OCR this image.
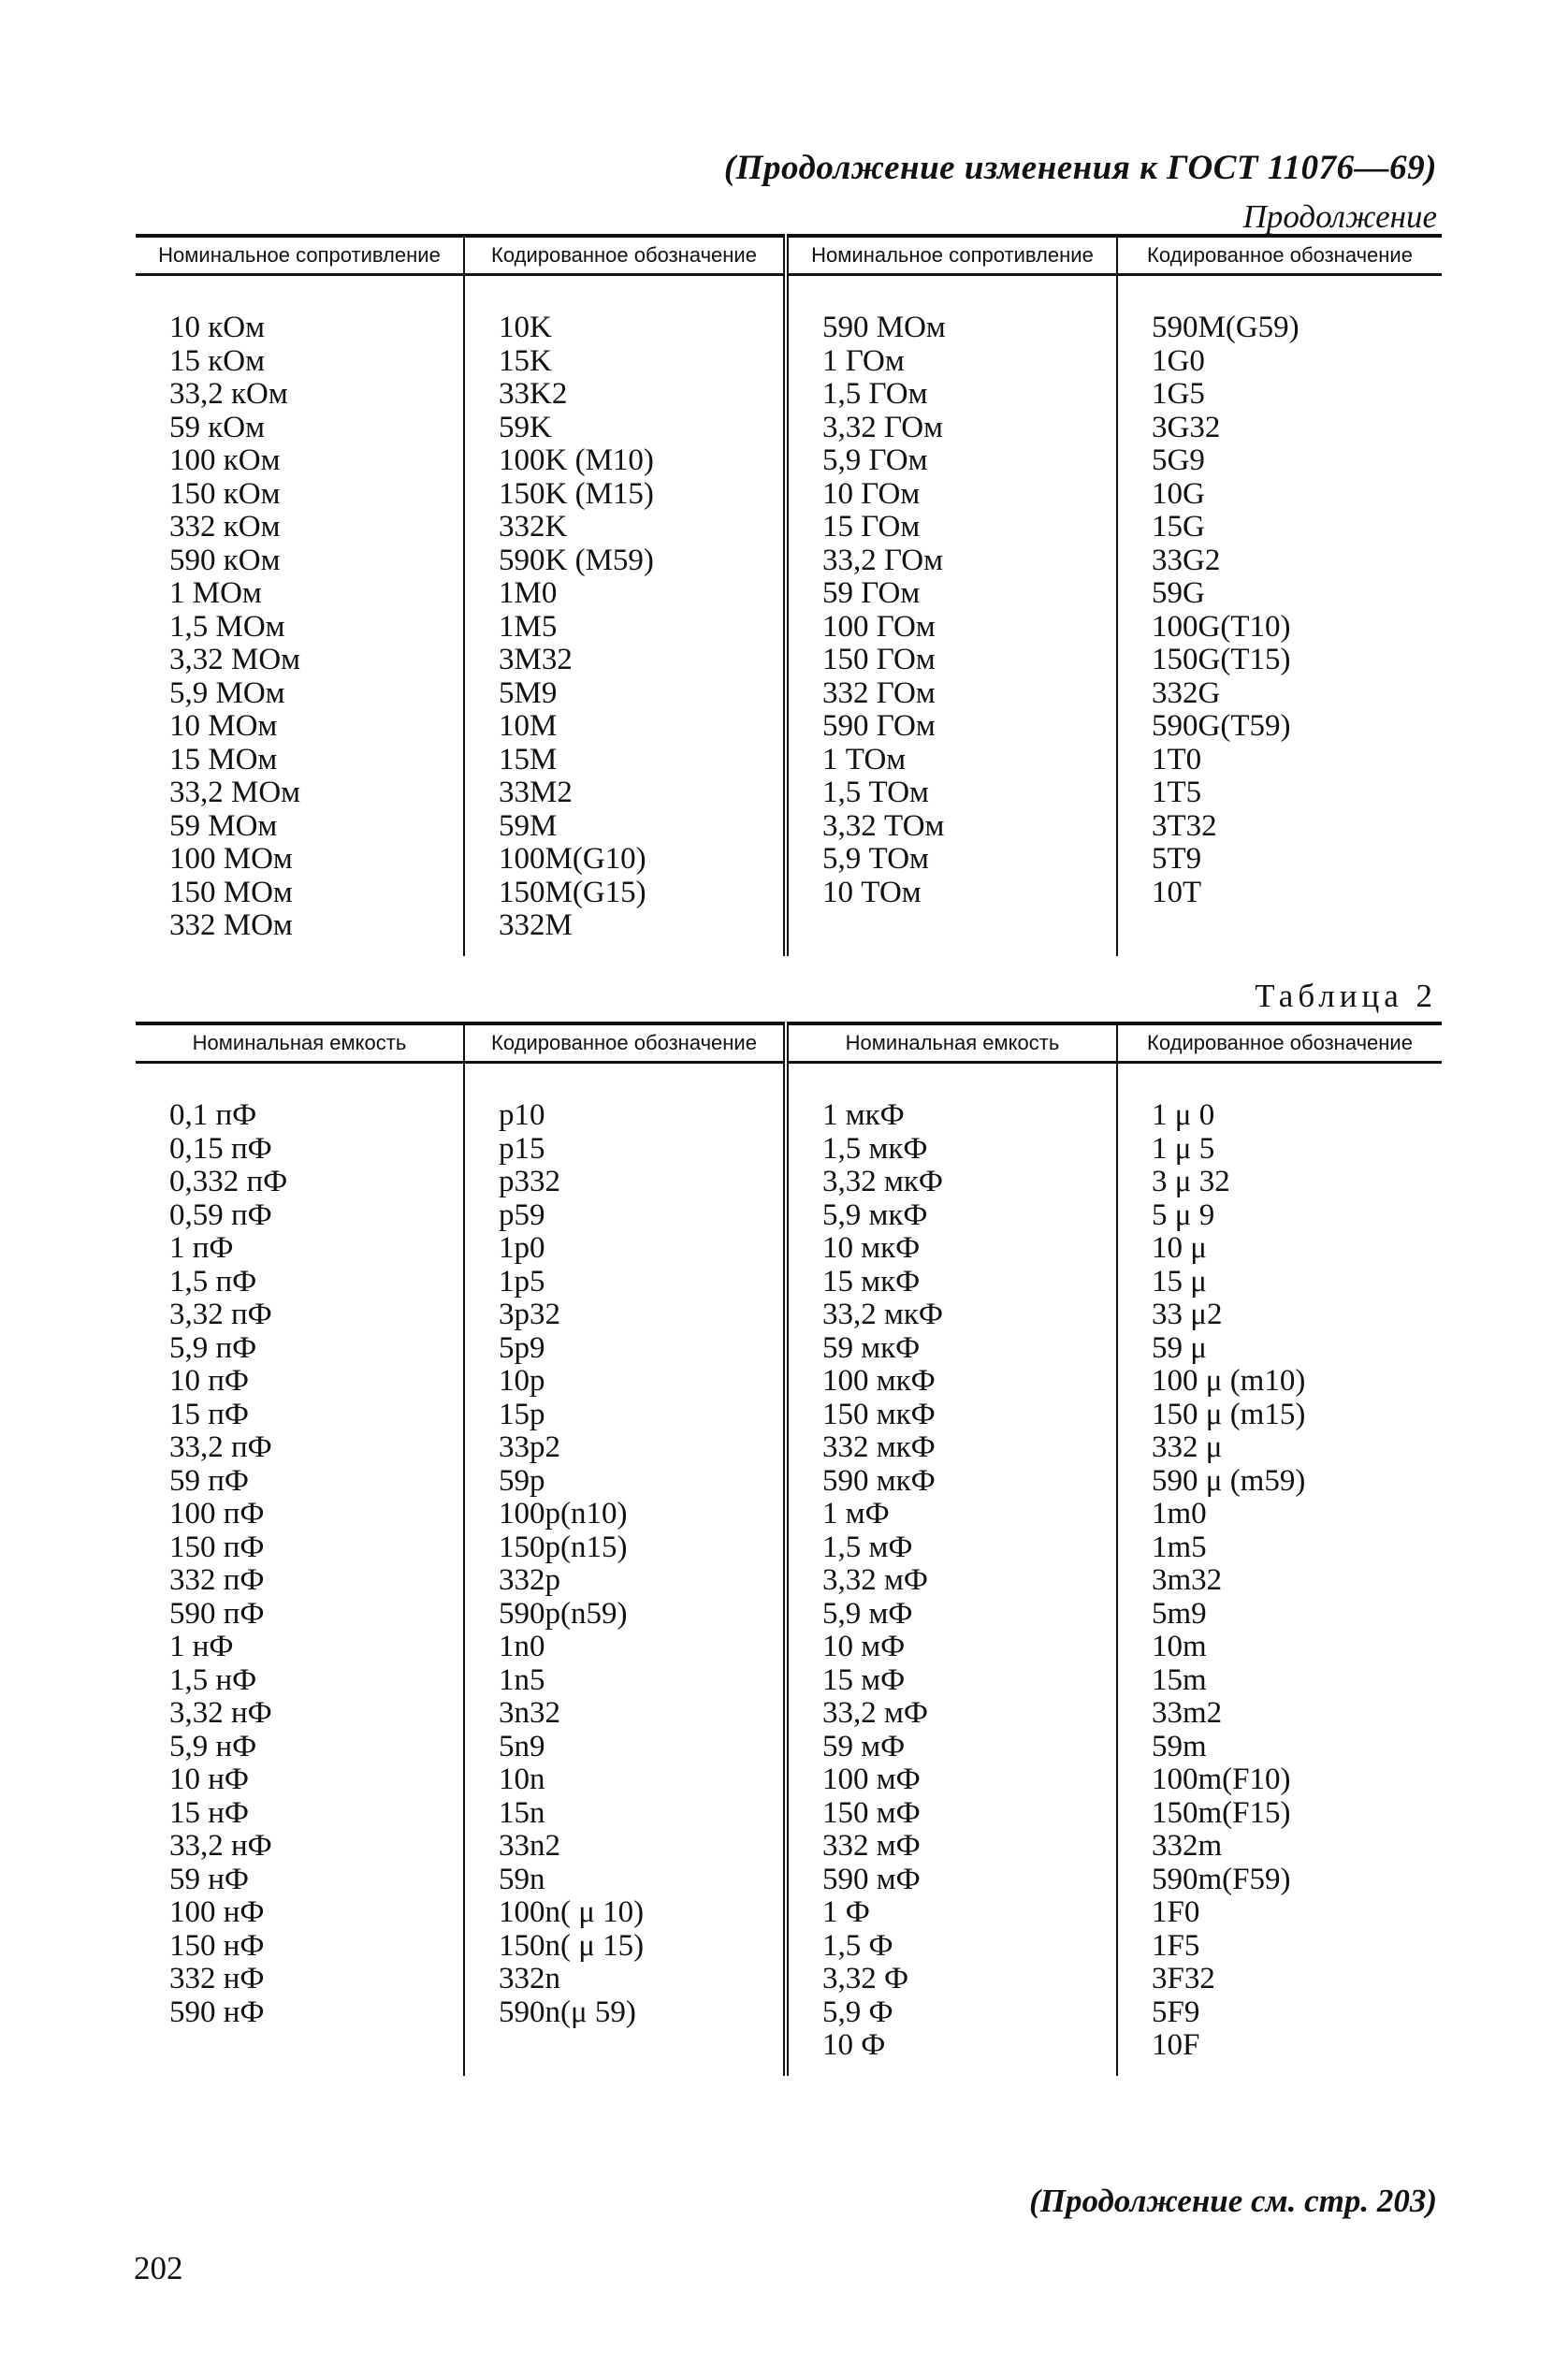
(Продолжение изменения к ГОСТ 11076—69)
Продолжение
Номинальное сопротивление	Кодированное обозначение	Номинальное сопротивление	Кодированное обозначение

10 кОм	10K	590 МОм	590M(G59)
15 кОм	15K	1 ГОм	1G0
33,2 кОм	33K2	1,5 ГОм	1G5
59 кОм	59K	3,32 ГОм	3G32
100 кОм	100K (M10)	5,9 ГОм	5G9
150 кОм	150K (M15)	10 ГОм	10G
332 кОм	332K	15 ГОм	15G
590 кОм	590K (M59)	33,2 ГОм	33G2
1 МОм	1M0	59 ГОм	59G
1,5 МОм	1M5	100 ГОм	100G(T10)
3,32 МОм	3M32	150 ГОм	150G(T15)
5,9 МОм	5M9	332 ГОм	332G
10 МОм	10M	590 ГОм	590G(T59)
15 МОм	15M	1 ТОм	1T0
33,2 МОм	33M2	1,5 ТОм	1T5
59 МОм	59M	3,32 ТОм	3T32
100 МОм	100M(G10)	5,9 ТОм	5T9
150 МОм	150M(G15)	10 ТОм	10T
332 МОм	332M		

Таблица 2
Номинальная емкость	Кодированное обозначение	Номинальная емкость	Кодированное обозначение

0,1 пФ	p10	1 мкФ	1 μ 0
0,15 пФ	p15	1,5 мкФ	1 μ 5
0,332 пФ	p332	3,32 мкФ	3 μ 32
0,59 пФ	p59	5,9 мкФ	5 μ 9
1 пФ	1p0	10 мкФ	10 μ
1,5 пФ	1p5	15 мкФ	15 μ
3,32 пФ	3p32	33,2 мкФ	33 μ2
5,9 пФ	5p9	59 мкФ	59 μ
10 пФ	10p	100 мкФ	100 μ (m10)
15 пФ	15p	150 мкФ	150 μ (m15)
33,2 пФ	33p2	332 мкФ	332 μ
59 пФ	59p	590 мкФ	590 μ (m59)
100 пФ	100p(n10)	1 мФ	1m0
150 пФ	150p(n15)	1,5 мФ	1m5
332 пФ	332p	3,32 мФ	3m32
590 пФ	590p(n59)	5,9 мФ	5m9
1 нФ	1n0	10 мФ	10m
1,5 нФ	1n5	15 мФ	15m
3,32 нФ	3n32	33,2 мФ	33m2
5,9 нФ	5n9	59 мФ	59m
10 нФ	10n	100 мФ	100m(F10)
15 нФ	15n	150 мФ	150m(F15)
33,2 нФ	33n2	332 мФ	332m
59 нФ	59n	590 мФ	590m(F59)
100 нФ	100n( μ 10)	1 Ф	1F0
150 нФ	150n( μ 15)	1,5 Ф	1F5
332 нФ	332n	3,32 Ф	3F32
590 нФ	590n(μ 59)	5,9 Ф	5F9
		10 Ф	10F

(Продолжение см. стр. 203)
202
